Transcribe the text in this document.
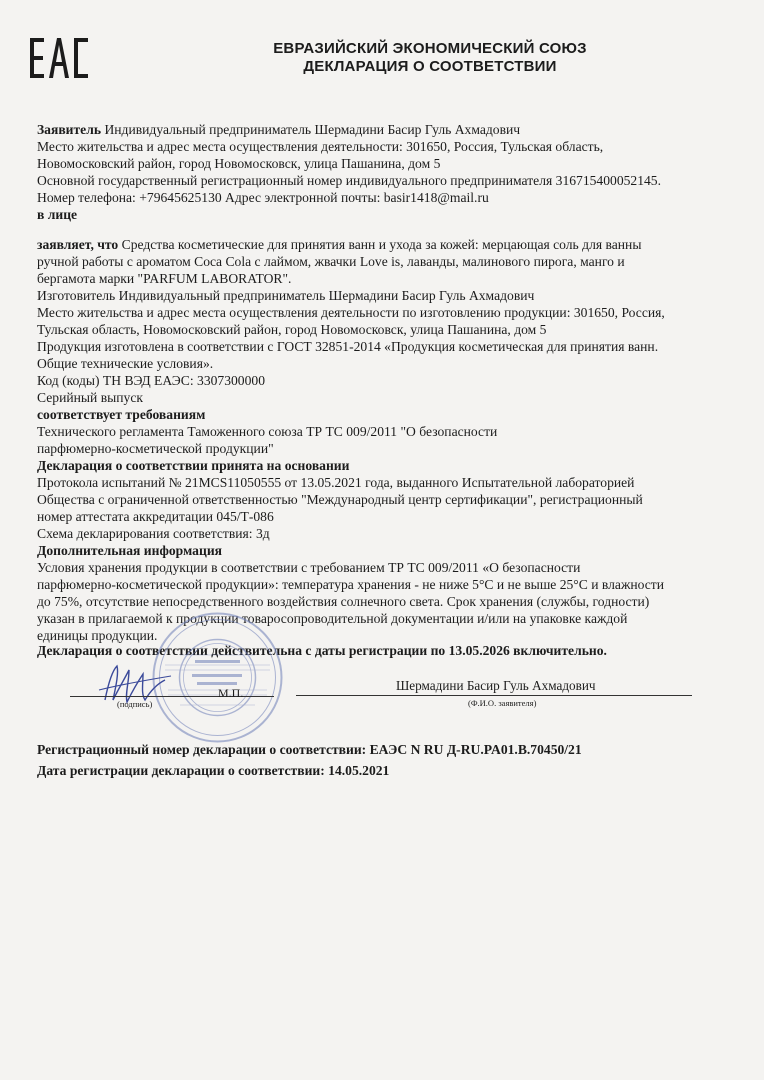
ЕВРАЗИЙСКИЙ ЭКОНОМИЧЕСКИЙ СОЮЗ
ДЕКЛАРАЦИЯ О СООТВЕТСТВИИ
Заявитель Индивидуальный предприниматель Шермадини Басир Гуль Ахмадович
Место жительства и адрес места осуществления деятельности: 301650, Россия, Тульская область,
Новомосковский район, город Новомосковск, улица Пашанина, дом 5
Основной государственный регистрационный номер индивидуального предпринимателя 316715400052145.
Номер телефона: +79645625130 Адрес электронной почты: basir1418@mail.ru
в лице
заявляет, что Средства косметические для принятия ванн и ухода за кожей: мерцающая соль для ванны
ручной работы с ароматом Coca Cola с лаймом, жвачки Love is, лаванды, малинового пирога, манго и
бергамота марки "PARFUM LABORATOR".
Изготовитель Индивидуальный предприниматель Шермадини Басир Гуль Ахмадович
Место жительства и адрес места осуществления деятельности по изготовлению продукции: 301650, Россия,
Тульская область, Новомосковский район, город Новомосковск, улица Пашанина, дом 5
Продукция изготовлена в соответствии с ГОСТ 32851-2014 «Продукция косметическая для принятия ванн.
Общие технические условия».
Код (коды) ТН ВЭД ЕАЭС: 3307300000
Серийный выпуск
соответствует требованиям
Технического регламента Таможенного союза ТР ТС 009/2011 "О безопасности
парфюмерно-косметической продукции"
Декларация о соответствии принята на основании
Протокола испытаний № 21MCS11050555 от 13.05.2021 года, выданного Испытательной лабораторией
Общества с ограниченной ответственностью "Международный центр сертификации", регистрационный
номер аттестата аккредитации 045/Т-086
Схема декларирования соответствия: 3д
Дополнительная информация
Условия хранения продукции в соответствии с требованием ТР ТС 009/2011 «О безопасности
парфюмерно-косметической продукции»: температура хранения - не ниже 5°С и не выше 25°С и влажности
до 75%, отсутствие непосредственного воздействия солнечного света. Срок хранения (службы, годности)
указан в прилагаемой к продукции товаросопроводительной документации и/или на упаковке каждой
единицы продукции.
Декларация о соответствии действительна с даты регистрации по 13.05.2026 включительно.
М.П.
(подпись)
Шермадини Басир Гуль Ахмадович
(Ф.И.О. заявителя)
Регистрационный номер декларации о соответствии: ЕАЭС N RU Д-RU.PA01.B.70450/21
Дата регистрации декларации о соответствии: 14.05.2021
